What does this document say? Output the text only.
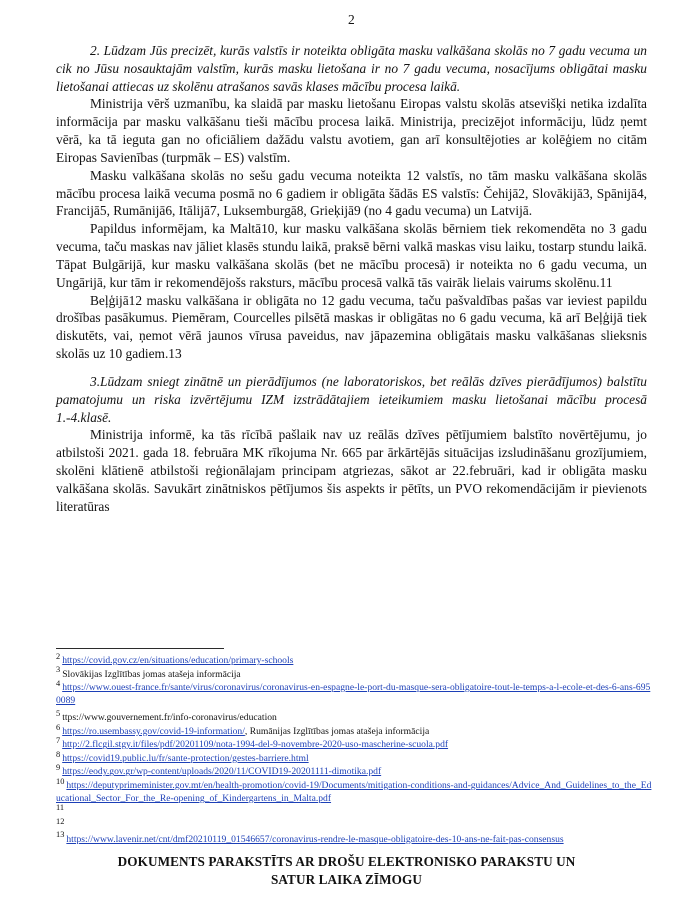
2

2. Lūdzam Jūs precizēt, kurās valstīs ir noteikta obligāta masku valkāšana skolās no 7 gadu vecuma un cik no Jūsu nosauktajām valstīm, kurās masku lietošana ir no 7 gadu vecuma, nosacījums obligātai masku lietošanai attiecas uz skolēnu atrašanos savās klases mācību procesa laikā.

Ministrija vērš uzmanību, ka slaidā par masku lietošanu Eiropas valstu skolās atsevišķi netika izdalīta informācija par masku valkāšanu tieši mācību procesa laikā. Ministrija, precizējot informāciju, lūdz ņemt vērā, ka tā ieguta gan no oficiāliem dažādu valstu avotiem, gan arī konsultējoties ar kolēģiem no citām Eiropas Savienības (turpmāk – ES) valstīm.

Masku valkāšana skolās no sešu gadu vecuma noteikta 12 valstīs, no tām masku valkāšana skolās mācību procesa laikā vecuma posmā no 6 gadiem ir obligāta šādās ES valstīs: Čehijā2, Slovākijā3, Spānijā4, Francijā5, Rumānijā6, Itālijā7, Luksemburgā8, Grieķijā9 (no 4 gadu vecuma) un Latvijā.

Papildus informējam, ka Maltā10, kur masku valkāšana skolās bērniem tiek rekomendēta no 3 gadu vecuma, taču maskas nav jāliet klasēs stundu laikā, praksē bērni valkā maskas visu laiku, tostarp stundu laikā. Tāpat Bulgārijā, kur masku valkāšana skolās (bet ne mācību procesā) ir noteikta no 6 gadu vecuma, un Ungārijā, kur tām ir rekomendējošs raksturs, mācību procesā valkā tās vairāk lielais vairums skolēnu.11

Beļģijā12 masku valkāšana ir obligāta no 12 gadu vecuma, taču pašvaldības pašas var ieviest papildu drošības pasākumus. Piemēram, Courcelles pilsētā maskas ir obligātas no 6 gadu vecuma, kā arī Beļģijā tiek diskutēts, vai, ņemot vērā jaunos vīrusa paveidus, nav jāpazemina obligātais masku valkāšanas slieksnis skolās uz 10 gadiem.13

3.Lūdzam sniegt zinātnē un pierādījumos (ne laboratoriskos, bet reālās dzīves pierādījumos) balstītu pamatojumu un riska izvērtējumu IZM izstrādātajiem ieteikumiem masku lietošanai mācību procesā 1.-4.klasē.

Ministrija informē, ka tās rīcībā pašlaik nav uz reālās dzīves pētījumiem balstīto novērtējumu, jo atbilstoši 2021. gada 18. februāra MK rīkojuma Nr. 665 par ārkārtējās situācijas izsludināšanu grozījumiem, skolēni klātienē atbilstoši reģionālajam principam atgriezas, sākot ar 22.februāri, kad ir obligāta masku valkāšana skolās. Savukārt zinātniskos pētījumos šis aspekts ir pētīts, un PVO rekomendācijām ir pievienots literatūras

2 https://covid.gov.cz/en/situations/education/primary-schools

3 Slovākijas Izglītības jomas atašeja informācija

4 https://www.ouest-france.fr/sante/virus/coronavirus/coronavirus-en-espagne-le-port-du-masque-sera-obligatoire-tout-le-temps-a-l-ecole-et-des-6-ans-6950089

5 ttps://www.gouvernement.fr/info-coronavirus/education

6 https://ro.usembassy.gov/covid-19-information/, Rumānijas Izglītības jomas atašeja informācija

7 http://2.flcgil.stgy.it/files/pdf/20201109/nota-1994-del-9-novembre-2020-uso-mascherine-scuola.pdf

8 https://covid19.public.lu/fr/sante-protection/gestes-barriere.html

9 https://eody.gov.gr/wp-content/uploads/2020/11/COVID19-20201111-dimotika.pdf

10 https://deputyprimeminister.gov.mt/en/health-promotion/covid-19/Documents/mitigation-conditions-and-guidances/Advice_And_Guidelines_to_the_Educational_Sector_For_the_Re-opening_of_Kindergartens_in_Malta.pdf

11

12

13 https://www.lavenir.net/cnt/dmf20210119_01546657/coronavirus-rendre-le-masque-obligatoire-des-10-ans-ne-fait-pas-consensus

DOKUMENTS PARAKSTĪTS AR DROŠU ELEKTRONISKO PARAKSTU UN
SATUR LAIKA ZĪMOGU
